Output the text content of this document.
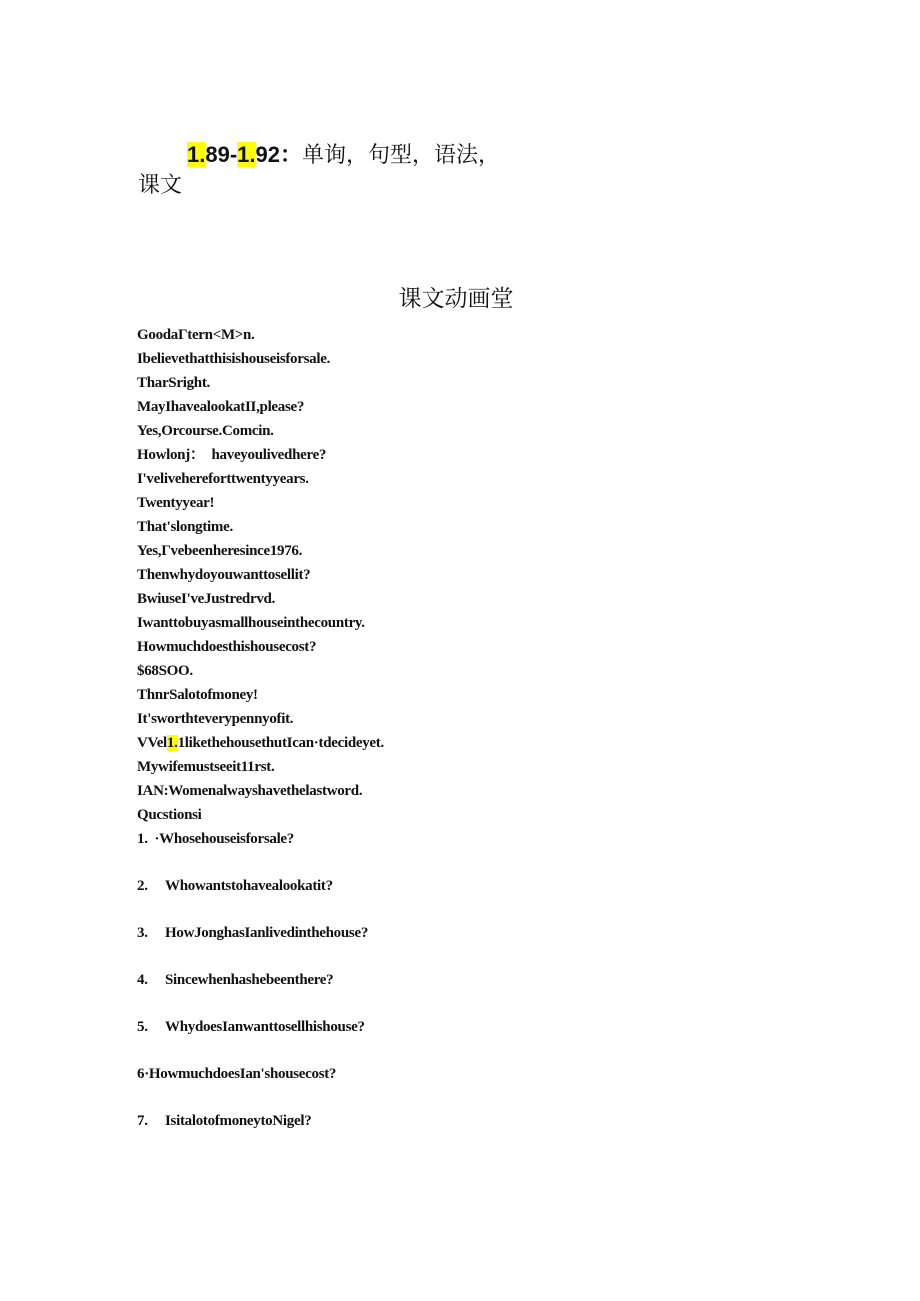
1.89-1.92：单询，句型，语法，
课文
课文动画堂
GoodaΓtern<M>n.
Ibelievethatthisishouseisforsale.
TharSright.
MayIhavealookatII,please?
Yes,Orcourse.Comcin.
Howlonj：  haveyoulivedhere?
I'velivehereforttwentyyears.
Twentyyear!
That'slongtime.
Yes,Γvebeenheresince1976.
Thenwhydoyouwanttosellit?
BwiuseI'veJustredrvd.
Iwanttobuyasmallhouseinthecountry.
Howmuchdoesthishousecost?
$68SOO.
ThnrSalotofmoney!
It'sworthteverypennyofit.
VVel1.1likethehousethutIcan·tdecideyet.
Mywifemustseeit11rst.
IAN:Womenalwayshavethelastword.
Qucstionsi
1. ·Whosehouseisforsale?
2. Whowantstohavealookatit?
3. HowJonghasIanlivedinthehouse?
4. Sincewhenhashebeenthere?
5. WhydoesIanwanttosellhishouse?
6·HowmuchdoesIan'shousecost?
7. IsitalotofmoneytoNigel?
